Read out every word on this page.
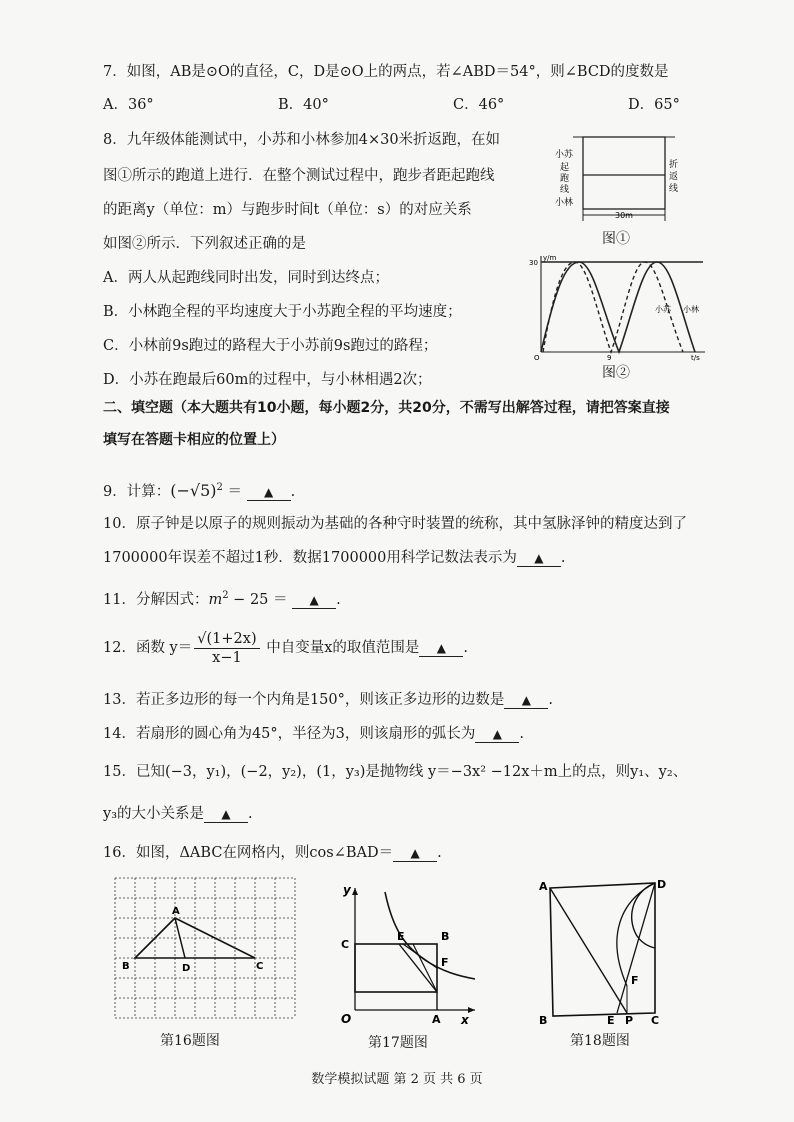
7．如图，AB是⊙O的直径，C，D是⊙O上的两点，若∠ABD＝54°，则∠BCD的度数是
A．36°	B．40°	C．46°	D．65°
8．九年级体能测试中，小苏和小林参加4×30米折返跑，在如
图①所示的跑道上进行．在整个测试过程中，跑步者距起跑线
的距离y（单位：m）与跑步时间t（单位：s）的对应关系
如图②所示．下列叙述正确的是
A．两人从起跑线同时出发，同时到达终点；
B．小林跑全程的平均速度大于小苏跑全程的平均速度；
C．小林前9s跑过的路程大于小苏前9s跑过的路程；
D．小苏在跑最后60m的过程中，与小林相遇2次；
小苏
起
跑
线
小林
折
返
线
30m
图①
y/m
30
O	9	t/s
小苏 小林
图②
二、填空题（本大题共有10小题，每小题2分，共20分，不需写出解答过程，请把答案直接
填写在答题卡相应的位置上）
9．计算：$(-√5)^2$ ＝ ▲ .
10．原子钟是以原子的规则振动为基础的各种守时装置的统称，其中氢脉泽钟的精度达到了
1700000年误差不超过1秒．数据1700000用科学记数法表示为 ▲ .
11．分解因式：$m^2 - 25$ ＝ ▲ .
12．函数 $y= \frac{√(1+2x)}{x-1}$ 中自变量x的取值范围是 ▲ .
13．若正多边形的每一个内角是150°，则该正多边形的边数是 ▲ .
14．若扇形的圆心角为45°，半径为3，则该扇形的弧长为 ▲ .
15．已知(−3，y₁)，(−2，y₂)，(1，y₃)是抛物线 y＝−3x² −12x＋m上的点，则y₁、y₂、
y₃的大小关系是 ▲ .
16．如图，ΔABC在网格内，则cos∠BAD＝ ▲ .
A
B	C
D
第16题图
y
x
O
C
E	B
F
A
第17题图
A	D
F
B	E P C
第18题图
数学模拟试题 第 2 页 共 6 页
